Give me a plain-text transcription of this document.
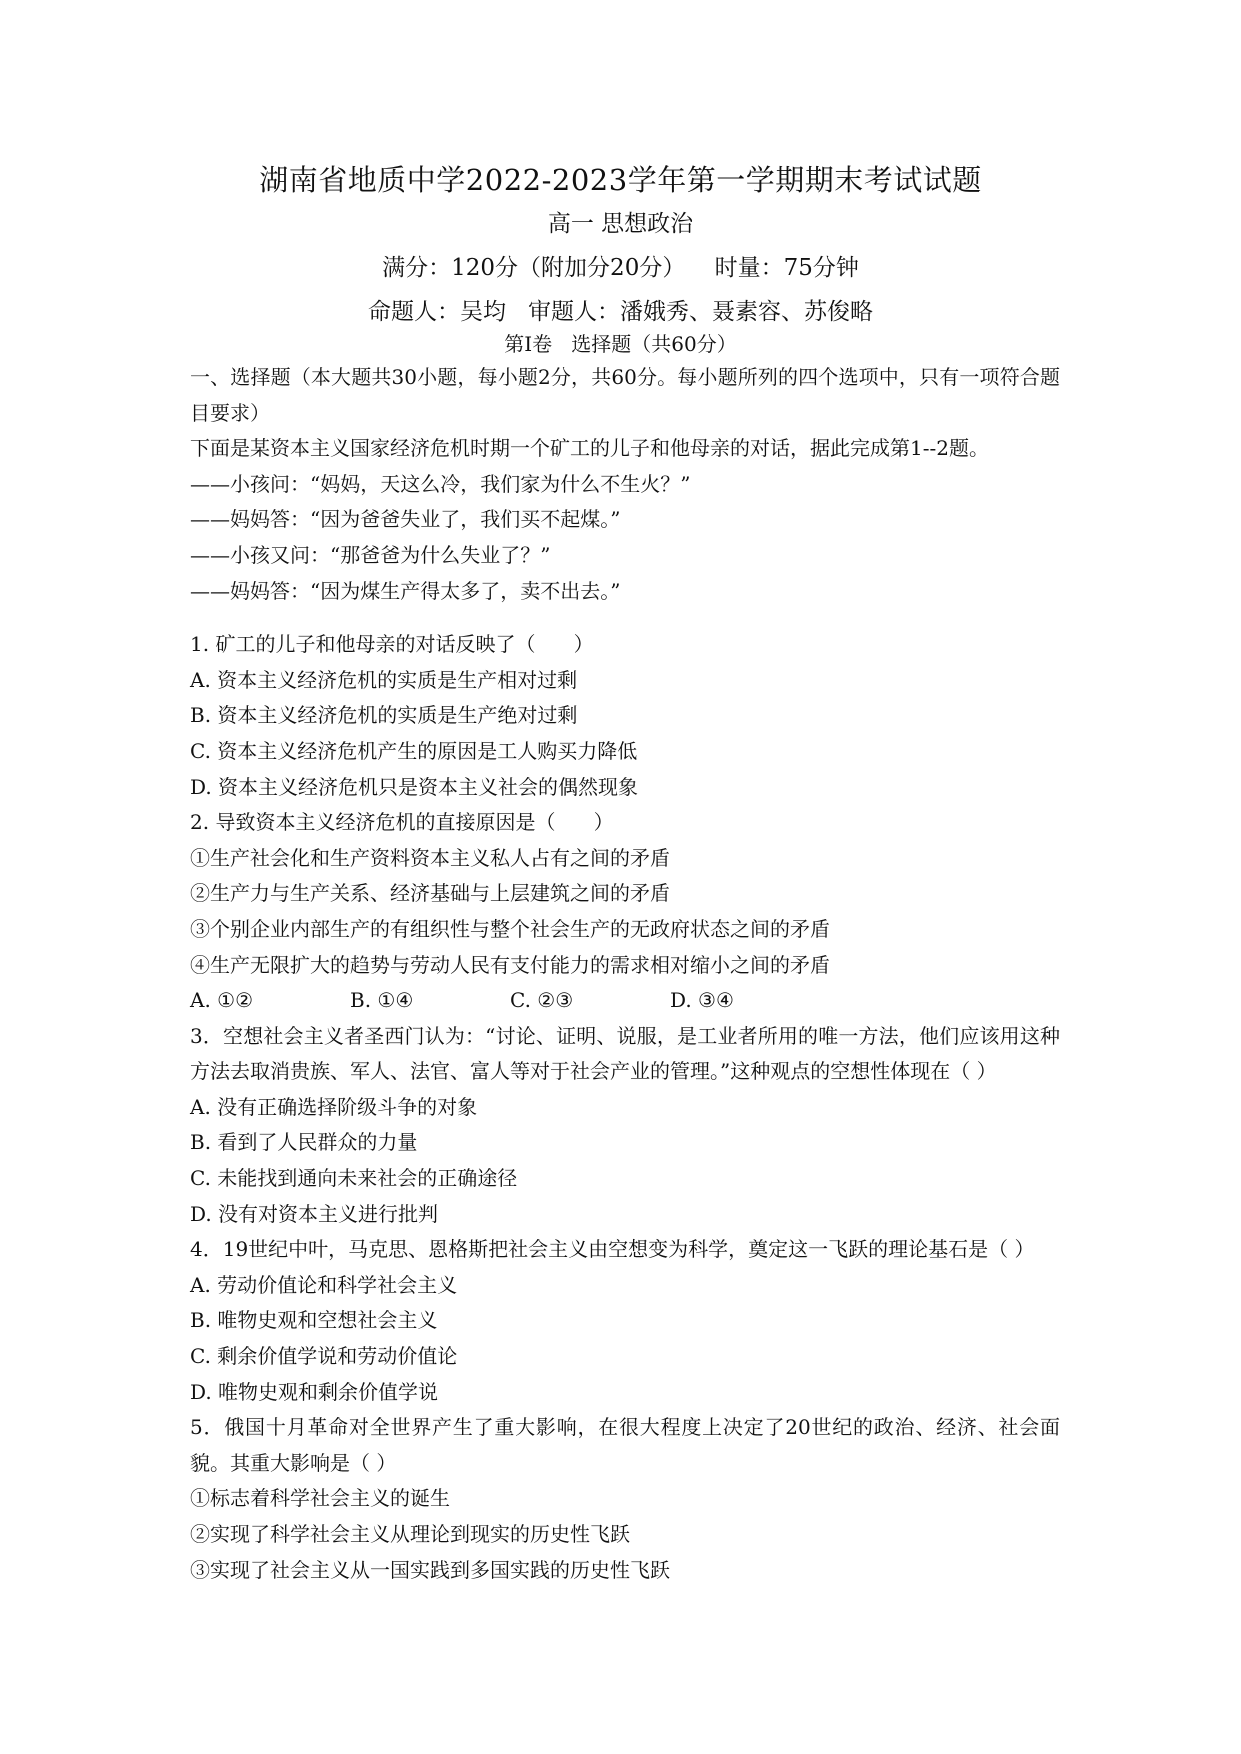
湖南省地质中学2022-2023学年第一学期期末考试试题
高一 思想政治
满分：120分（附加分20分）    时量：75分钟
命题人：吴均   审题人：潘娥秀、聂素容、苏俊略
第Ⅰ卷   选择题（共60分）

一、选择题（本大题共30小题，每小题2分，共60分。每小题所列的四个选项中，只有一项符合题目要求）

下面是某资本主义国家经济危机时期一个矿工的儿子和他母亲的对话，据此完成第1--2题。

——小孩问：“妈妈，天这么冷，我们家为什么不生火？”

——妈妈答：“因为爸爸失业了，我们买不起煤。”

——小孩又问：“那爸爸为什么失业了？”

——妈妈答：“因为煤生产得太多了，卖不出去。”

1. 矿工的儿子和他母亲的对话反映了（      ）

A. 资本主义经济危机的实质是生产相对过剩

B. 资本主义经济危机的实质是生产绝对过剩

C. 资本主义经济危机产生的原因是工人购买力降低

D. 资本主义经济危机只是资本主义社会的偶然现象

2. 导致资本主义经济危机的直接原因是（      ）

①生产社会化和生产资料资本主义私人占有之间的矛盾

②生产力与生产关系、经济基础与上层建筑之间的矛盾

③个别企业内部生产的有组织性与整个社会生产的无政府状态之间的矛盾

④生产无限扩大的趋势与劳动人民有支付能力的需求相对缩小之间的矛盾

A. ①②	B. ①④	C. ②③	D. ③④

3．空想社会主义者圣西门认为：“讨论、证明、说服，是工业者所用的唯一方法，他们应该用这种方法去取消贵族、军人、法官、富人等对于社会产业的管理。”这种观点的空想性体现在（ ）

A. 没有正确选择阶级斗争的对象

B. 看到了人民群众的力量

C. 未能找到通向未来社会的正确途径

D. 没有对资本主义进行批判

4．19世纪中叶，马克思、恩格斯把社会主义由空想变为科学，奠定这一飞跃的理论基石是（ ）

A. 劳动价值论和科学社会主义

B. 唯物史观和空想社会主义

C. 剩余价值学说和劳动价值论

D. 唯物史观和剩余价值学说

5．俄国十月革命对全世界产生了重大影响，在很大程度上决定了20世纪的政治、经济、社会面貌。其重大影响是（ ）

①标志着科学社会主义的诞生

②实现了科学社会主义从理论到现实的历史性飞跃

③实现了社会主义从一国实践到多国实践的历史性飞跃
